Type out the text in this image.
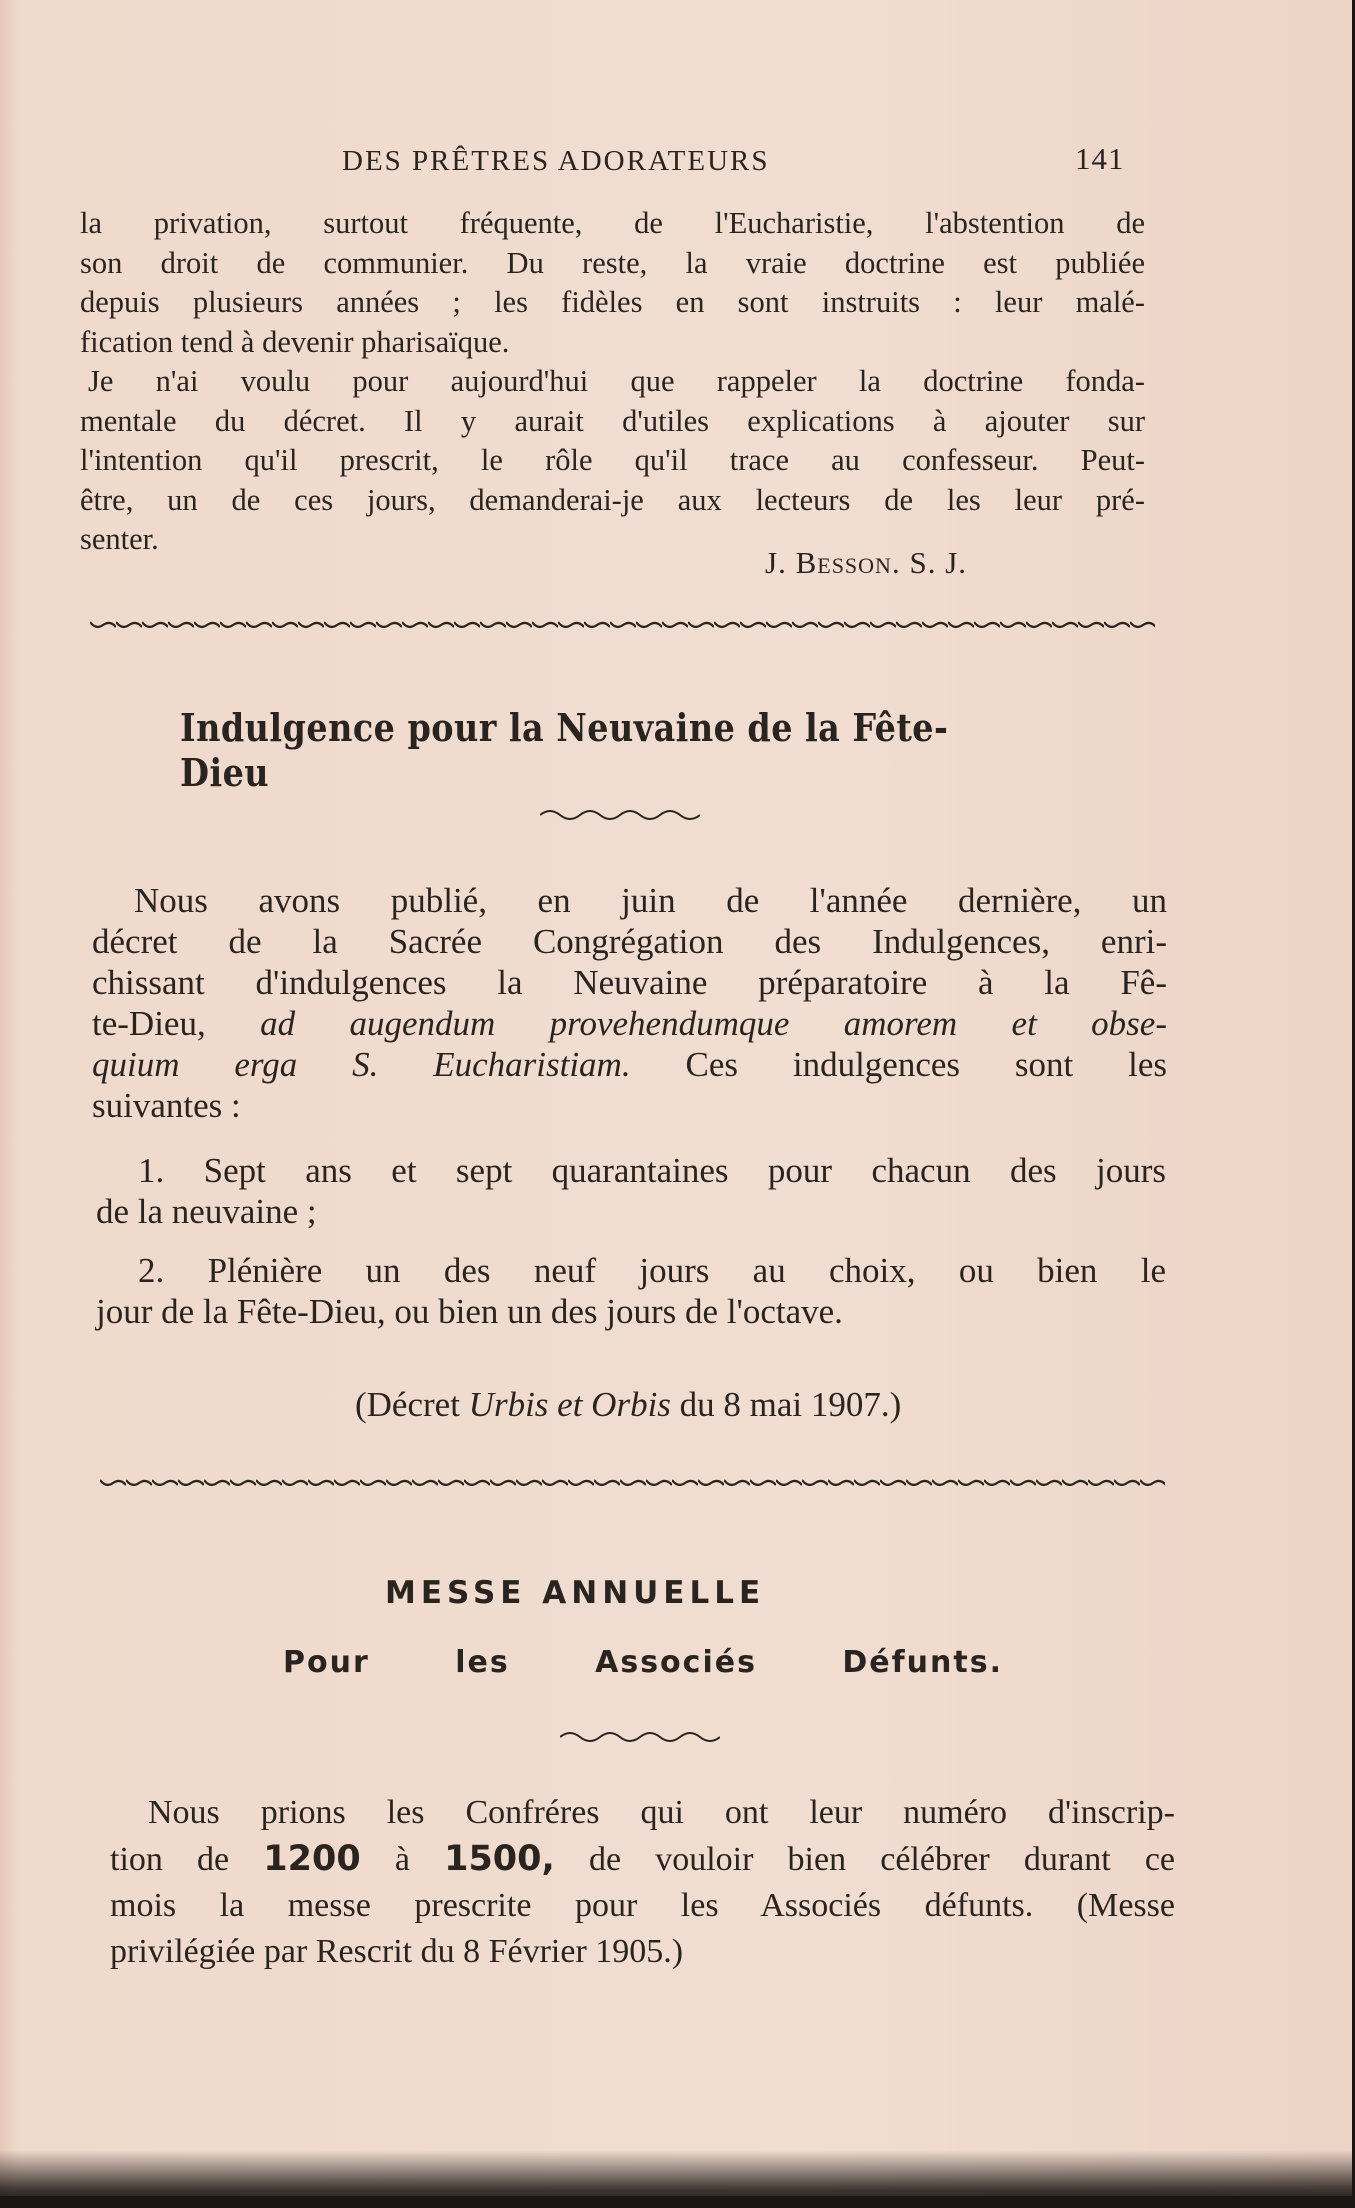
DES PRÊTRES ADORATEURS	141
la privation, surtout fréquente, de l'Eucharistie, l'abstention de
son droit de communier. Du reste, la vraie doctrine est publiée
depuis plusieurs années ; les fidèles en sont instruits : leur malé-
fication tend à devenir pharisaïque.
Je n'ai voulu pour aujourd'hui que rappeler la doctrine fonda-
mentale du décret. Il y aurait d'utiles explications à ajouter sur
l'intention qu'il prescrit, le rôle qu'il trace au confesseur. Peut-
être, un de ces jours, demanderai-je aux lecteurs de les leur pré-
senter.
J. Besson. S. J.
Indulgence pour la Neuvaine de la Fête-Dieu
Nous avons publié, en juin de l'année dernière, un
décret de la Sacrée Congrégation des Indulgences, enri-
chissant d'indulgences la Neuvaine préparatoire à la Fê-
te-Dieu, ad augendum provehendumque amorem et obse-
quium erga S. Eucharistiam. Ces indulgences sont les
suivantes :
1. Sept ans et sept quarantaines pour chacun des jours
de la neuvaine ;
2. Plénière un des neuf jours au choix, ou bien le
jour de la Fête-Dieu, ou bien un des jours de l'octave.
(Décret Urbis et Orbis du 8 mai 1907.)
MESSE ANNUELLE
Pour	les	Associés	Défunts.
Nous prions les Confréres qui ont leur numéro d'inscrip-
tion de 1200 à 1500, de vouloir bien célébrer durant ce
mois la messe prescrite pour les Associés défunts. (Messe
privilégiée par Rescrit du 8 Février 1905.)
